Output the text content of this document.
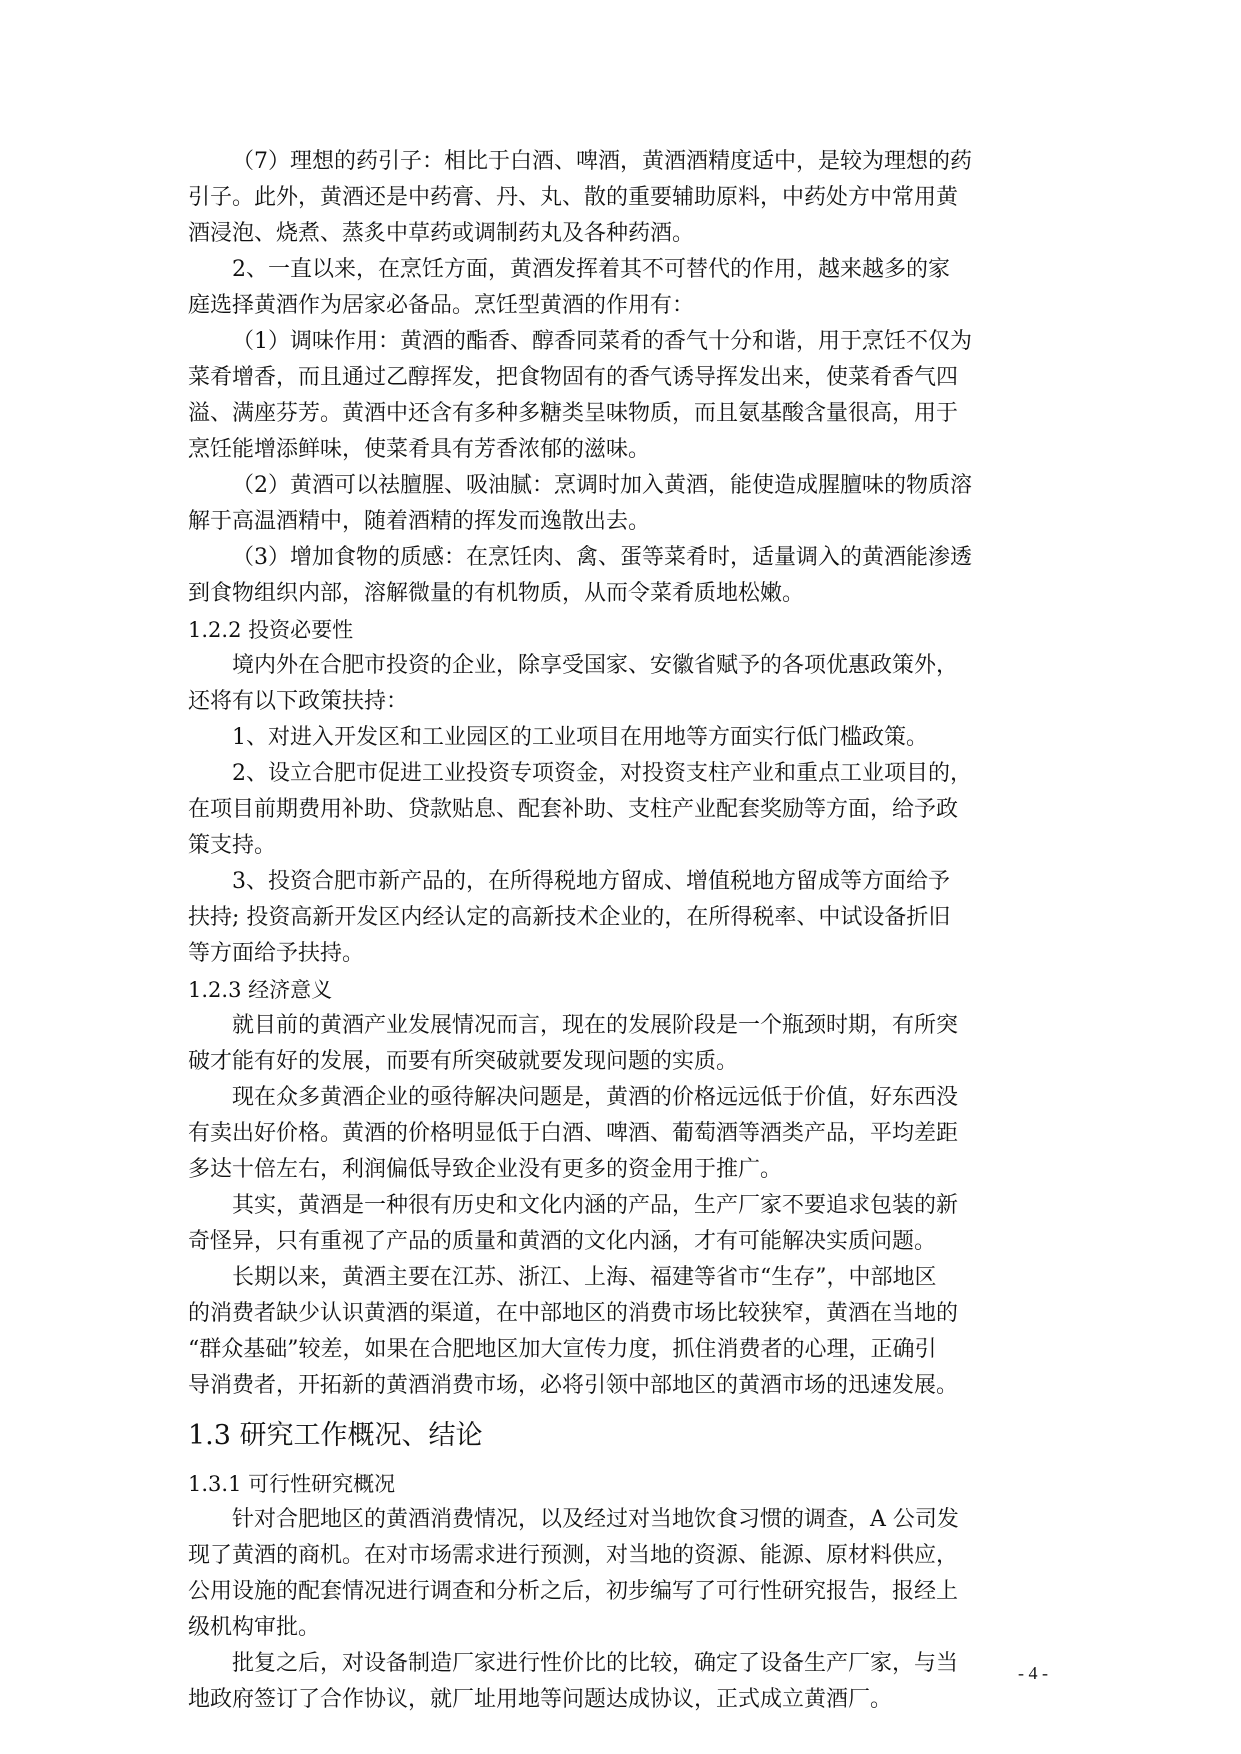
（7）理想的药引子：相比于白酒、啤酒，黄酒酒精度适中，是较为理想的药
引子。此外，黄酒还是中药膏、丹、丸、散的重要辅助原料，中药处方中常用黄
酒浸泡、烧煮、蒸炙中草药或调制药丸及各种药酒。
2、一直以来，在烹饪方面，黄酒发挥着其不可替代的作用，越来越多的家
庭选择黄酒作为居家必备品。烹饪型黄酒的作用有：
（1）调味作用：黄酒的酯香、醇香同菜肴的香气十分和谐，用于烹饪不仅为
菜肴增香，而且通过乙醇挥发，把食物固有的香气诱导挥发出来，使菜肴香气四
溢、满座芬芳。黄酒中还含有多种多糖类呈味物质，而且氨基酸含量很高，用于
烹饪能增添鲜味，使菜肴具有芳香浓郁的滋味。
（2）黄酒可以祛膻腥、吸油腻：烹调时加入黄酒，能使造成腥膻味的物质溶
解于高温酒精中，随着酒精的挥发而逸散出去。
（3）增加食物的质感：在烹饪肉、禽、蛋等菜肴时，适量调入的黄酒能渗透
到食物组织内部，溶解微量的有机物质，从而令菜肴质地松嫩。
1.2.2 投资必要性
境内外在合肥市投资的企业，除享受国家、安徽省赋予的各项优惠政策外，
还将有以下政策扶持：
1、对进入开发区和工业园区的工业项目在用地等方面实行低门槛政策。
2、设立合肥市促进工业投资专项资金，对投资支柱产业和重点工业项目的，
在项目前期费用补助、贷款贴息、配套补助、支柱产业配套奖励等方面，给予政
策支持。
3、投资合肥市新产品的，在所得税地方留成、增值税地方留成等方面给予
扶持; 投资高新开发区内经认定的高新技术企业的，在所得税率、中试设备折旧
等方面给予扶持。
1.2.3 经济意义
就目前的黄酒产业发展情况而言，现在的发展阶段是一个瓶颈时期，有所突
破才能有好的发展，而要有所突破就要发现问题的实质。
现在众多黄酒企业的亟待解决问题是，黄酒的价格远远低于价值，好东西没
有卖出好价格。黄酒的价格明显低于白酒、啤酒、葡萄酒等酒类产品，平均差距
多达十倍左右，利润偏低导致企业没有更多的资金用于推广。
其实，黄酒是一种很有历史和文化内涵的产品，生产厂家不要追求包装的新
奇怪异，只有重视了产品的质量和黄酒的文化内涵，才有可能解决实质问题。
长期以来，黄酒主要在江苏、浙江、上海、福建等省市“生存”，中部地区
的消费者缺少认识黄酒的渠道，在中部地区的消费市场比较狭窄，黄酒在当地的
“群众基础”较差，如果在合肥地区加大宣传力度，抓住消费者的心理，正确引
导消费者，开拓新的黄酒消费市场，必将引领中部地区的黄酒市场的迅速发展。
1.3 研究工作概况、结论
1.3.1 可行性研究概况
针对合肥地区的黄酒消费情况，以及经过对当地饮食习惯的调查，A 公司发
现了黄酒的商机。在对市场需求进行预测，对当地的资源、能源、原材料供应，
公用设施的配套情况进行调查和分析之后，初步编写了可行性研究报告，报经上
级机构审批。
批复之后，对设备制造厂家进行性价比的比较，确定了设备生产厂家，与当
地政府签订了合作协议，就厂址用地等问题达成协议，正式成立黄酒厂。
- 4 -
